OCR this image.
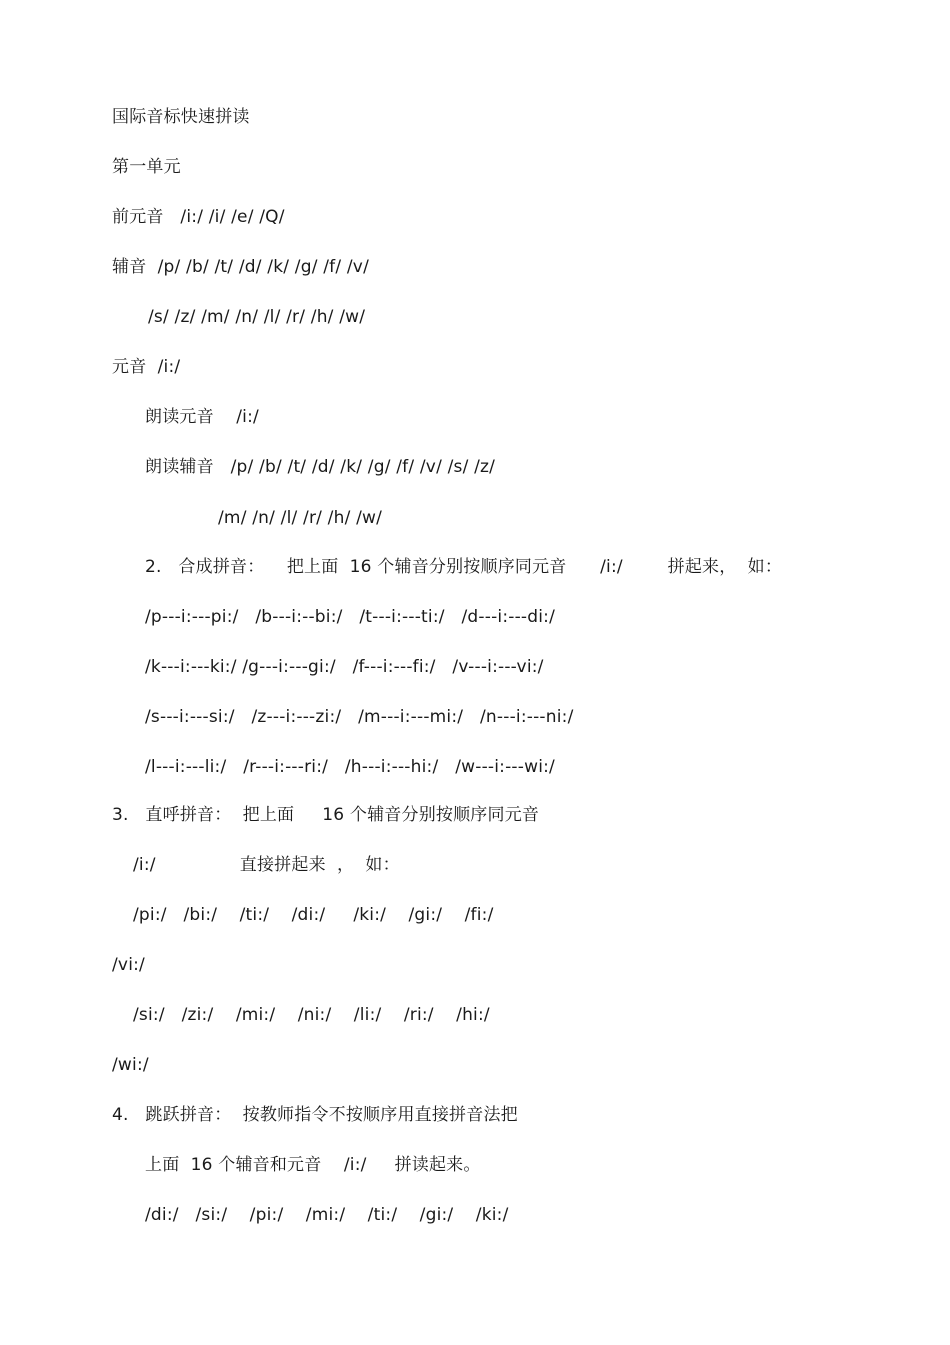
国际音标快速拼读
第一单元
前元音   /i:/ /i/ /e/ /Q/
辅音  /p/ /b/ /t/ /d/ /k/ /g/ /f/ /v/
/s/ /z/ /m/ /n/ /l/ /r/ /h/ /w/
元音  /i:/
朗读元音    /i:/
朗读辅音   /p/ /b/ /t/ /d/ /k/ /g/ /f/ /v/ /s/ /z/
/m/ /n/ /l/ /r/ /h/ /w/
2.   合成拼音：    把上面  16 个辅音分别按顺序同元音      /i:/        拼起来，  如：
/p---i:---pi:/   /b---i:--bi:/   /t---i:---ti:/   /d---i:---di:/
/k---i:---ki:/ /g---i:---gi:/   /f---i:---fi:/   /v---i:---vi:/
/s---i:---si:/   /z---i:---zi:/   /m---i:---mi:/   /n---i:---ni:/
/l---i:---li:/   /r---i:---ri:/   /h---i:---hi:/   /w---i:---wi:/
3.   直呼拼音：  把上面     16 个辅音分别按顺序同元音
/i:/               直接拼起来  ，  如：
/pi:/   /bi:/    /ti:/    /di:/     /ki:/    /gi:/    /fi:/
/vi:/
/si:/   /zi:/    /mi:/    /ni:/    /li:/    /ri:/    /hi:/
/wi:/
4.   跳跃拼音：  按教师指令不按顺序用直接拼音法把
上面  16 个辅音和元音    /i:/     拼读起来。
/di:/   /si:/    /pi:/    /mi:/    /ti:/    /gi:/    /ki:/
